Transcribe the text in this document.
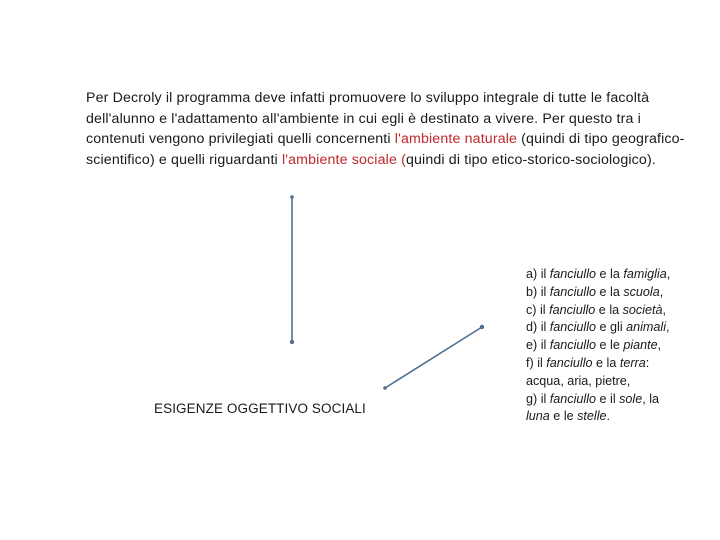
Per Decroly il programma deve infatti promuovere lo sviluppo integrale di tutte le facoltà dell'alunno e l'adattamento all'ambiente in cui egli è destinato a vivere. Per questo tra i contenuti vengono privilegiati quelli concernenti l'ambiente naturale (quindi di tipo geografico-scientifico) e quelli riguardanti l'ambiente sociale (quindi di tipo etico-storico-sociologico).
ESIGENZE OGGETTIVO SOCIALI
a) il fanciullo e la famiglia,
b) il fanciullo e la scuola,
c) il fanciullo e la società,
d) il fanciullo e gli animali,
e) il fanciullo e le piante,
f) il fanciullo e la terra:
acqua, aria, pietre,
g) il fanciullo e il sole, la
luna e le stelle.
